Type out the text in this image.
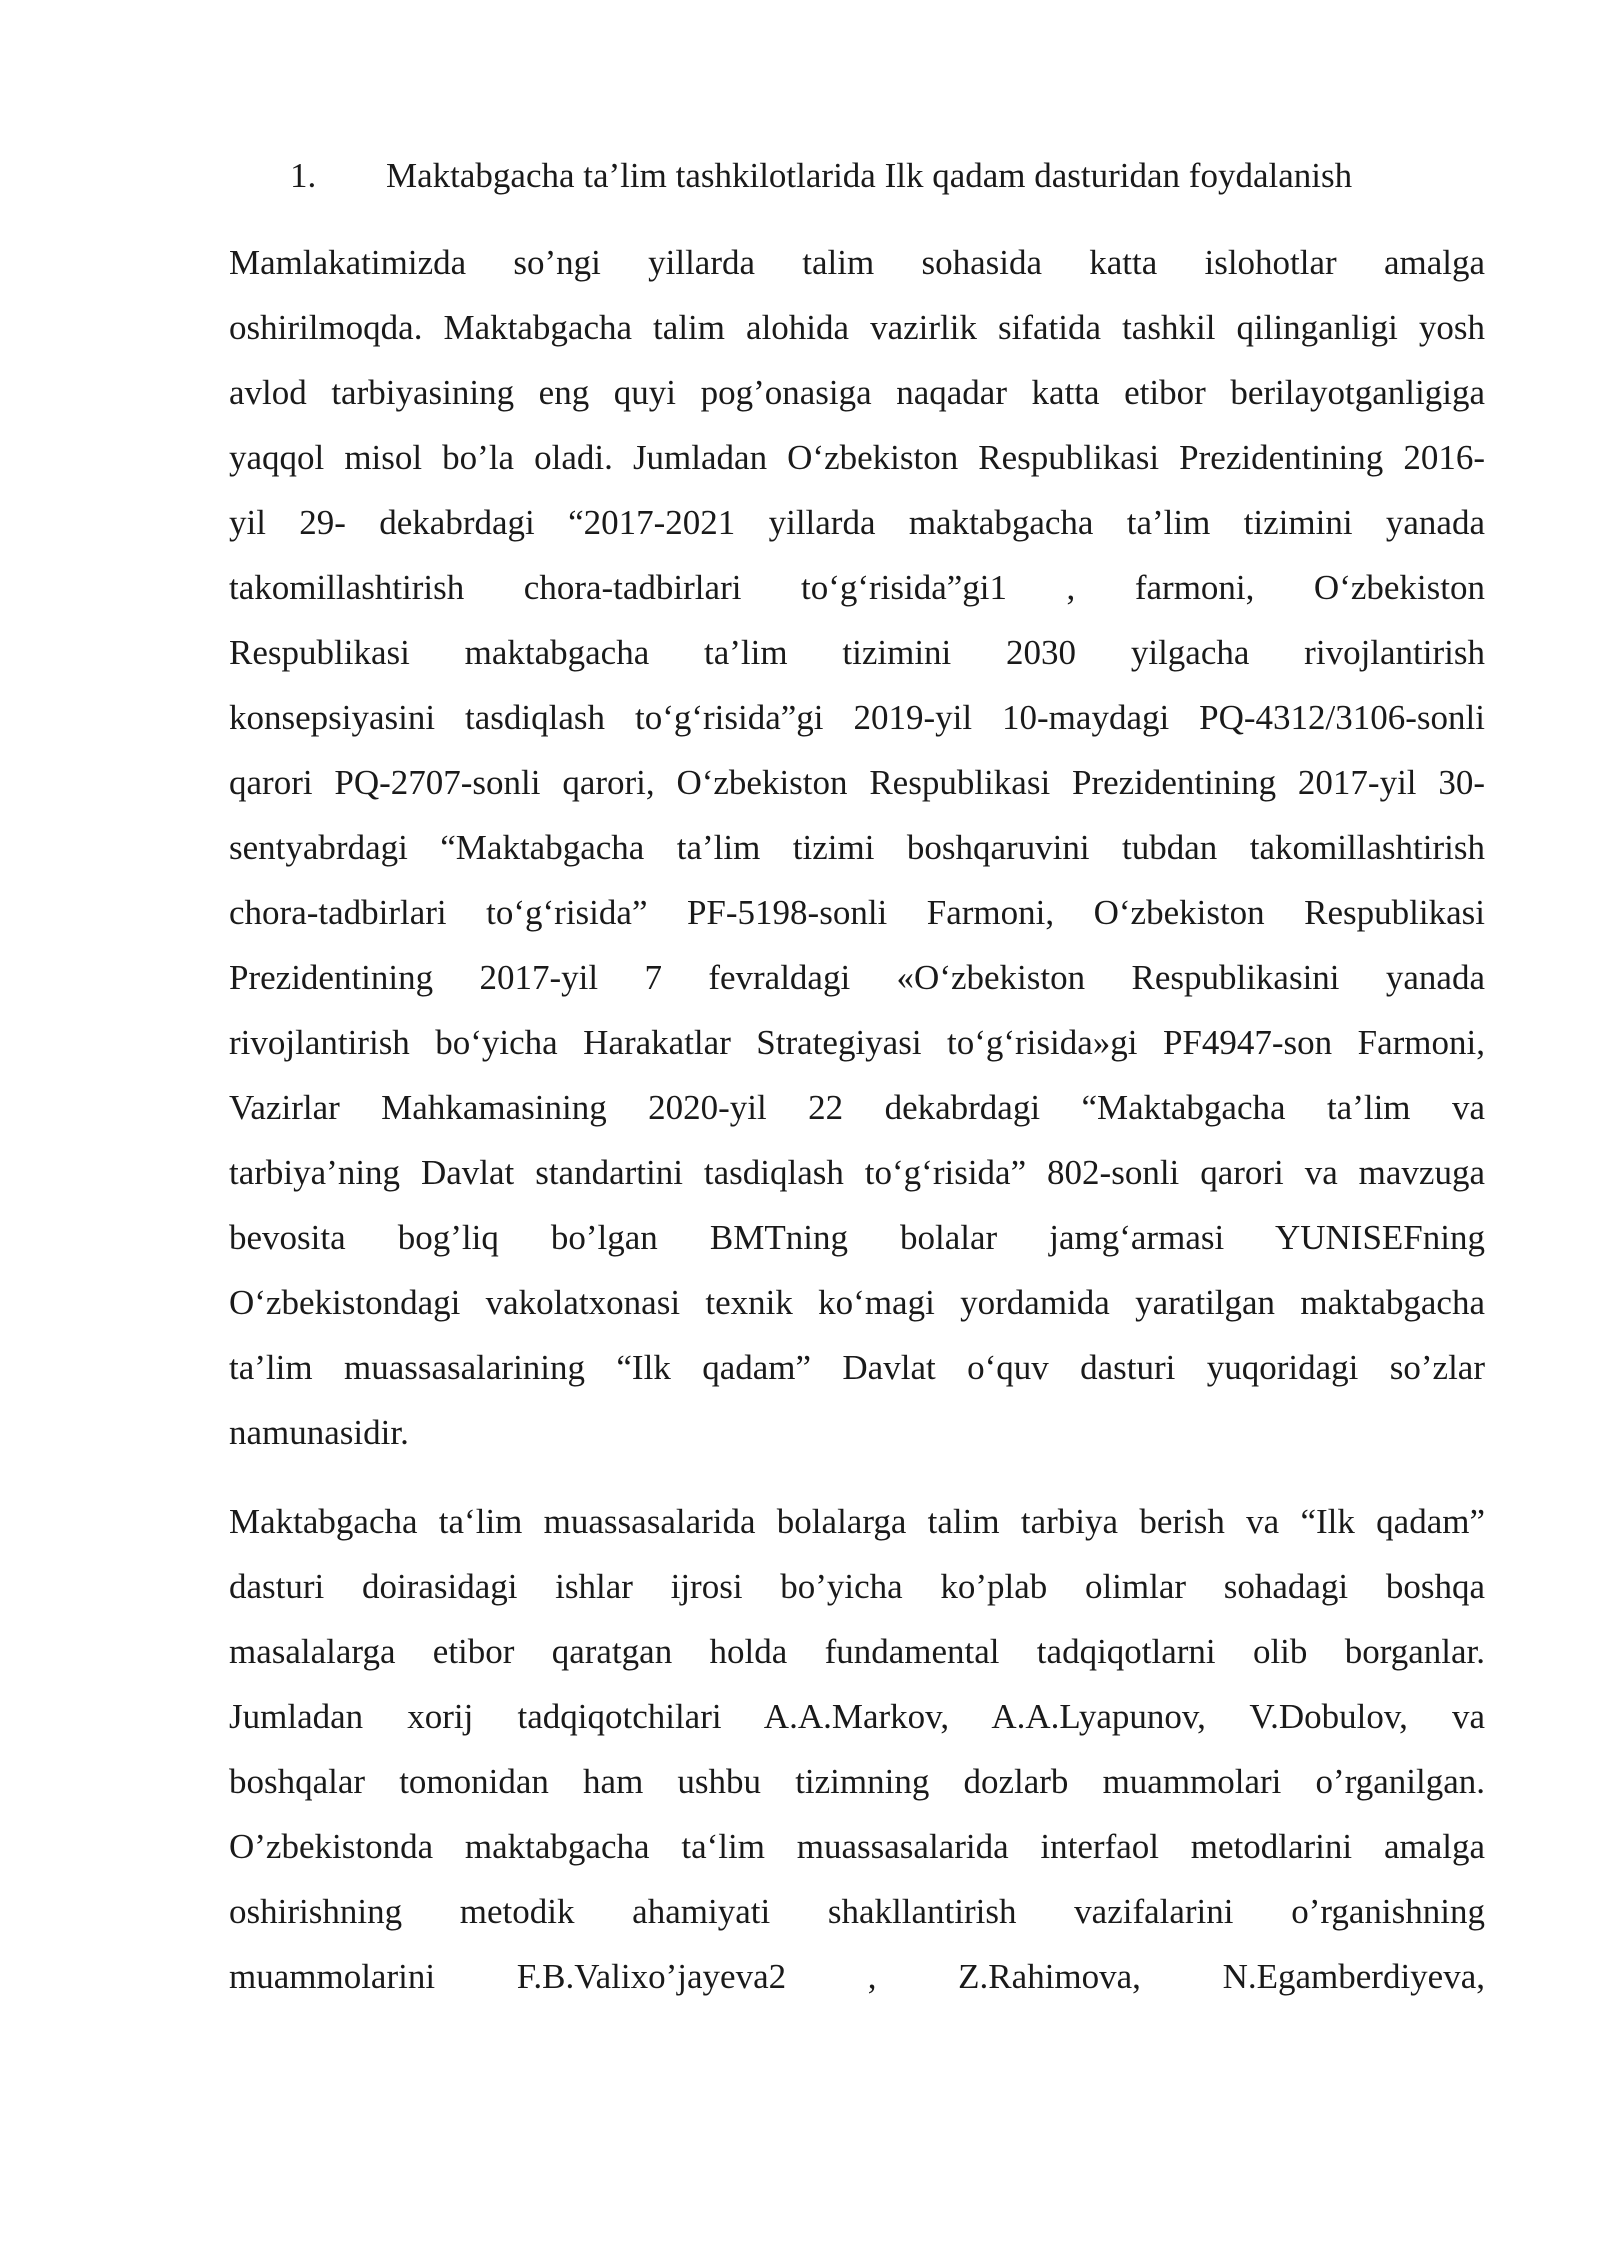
1. Maktabgacha ta’lim tashkilotlarida Ilk qadam dasturidan foydalanish
Mamlakatimizda so’ngi yillarda talim sohasida katta islohotlar amalga
oshirilmoqda. Maktabgacha talim alohida vazirlik sifatida tashkil qilinganligi yosh
avlod tarbiyasining eng quyi pog’onasiga naqadar katta etibor berilayotganligiga
yaqqol misol bo’la oladi. Jumladan O‘zbekiston Respublikasi Prezidentining 2016-
yil 29- dekabrdagi “2017-2021 yillarda maktabgacha ta’lim tizimini yanada
takomillashtirish chora-tadbirlari to‘g‘risida”gi1 , farmoni, O‘zbekiston
Respublikasi maktabgacha ta’lim tizimini 2030 yilgacha rivojlantirish
konsepsiyasini tasdiqlash to‘g‘risida”gi 2019-yil 10-maydagi PQ-4312/3106-sonli
qarori PQ-2707-sonli qarori, O‘zbekiston Respublikasi Prezidentining 2017-yil 30-
sentyabrdagi “Maktabgacha ta’lim tizimi boshqaruvini tubdan takomillashtirish
chora-tadbirlari to‘g‘risida” PF-5198-sonli Farmoni, O‘zbekiston Respublikasi
Prezidentining 2017-yil 7 fevraldagi «O‘zbekiston Respublikasini yanada
rivojlantirish bo‘yicha Harakatlar Strategiyasi to‘g‘risida»gi PF4947-son Farmoni,
Vazirlar Mahkamasining 2020-yil 22 dekabrdagi “Maktabgacha ta’lim va
tarbiya’ning Davlat standartini tasdiqlash to‘g‘risida” 802-sonli qarori va mavzuga
bevosita bog’liq bo’lgan BMTning bolalar jamg‘armasi YUNISEFning
O‘zbekistondagi vakolatxonasi texnik ko‘magi yordamida yaratilgan maktabgacha
ta’lim muassasalarining “Ilk qadam” Davlat o‘quv dasturi yuqoridagi so’zlar
namunasidir.
Maktabgacha ta‘lim muassasalarida bolalarga talim tarbiya berish va “Ilk qadam”
dasturi doirasidagi ishlar ijrosi bo’yicha ko’plab olimlar sohadagi boshqa
masalalarga etibor qaratgan holda fundamental tadqiqotlarni olib borganlar.
Jumladan xorij tadqiqotchilari A.A.Markov, A.A.Lyapunov, V.Dobulov, va
boshqalar tomonidan ham ushbu tizimning dozlarb muammolari o’rganilgan.
O’zbekistonda maktabgacha ta‘lim muassasalarida interfaol metodlarini amalga
oshirishning metodik ahamiyati shakllantirish vazifalarini o’rganishning
muammolarini F.B.Valixo’jayeva2 , Z.Rahimova, N.Egamberdiyeva,
